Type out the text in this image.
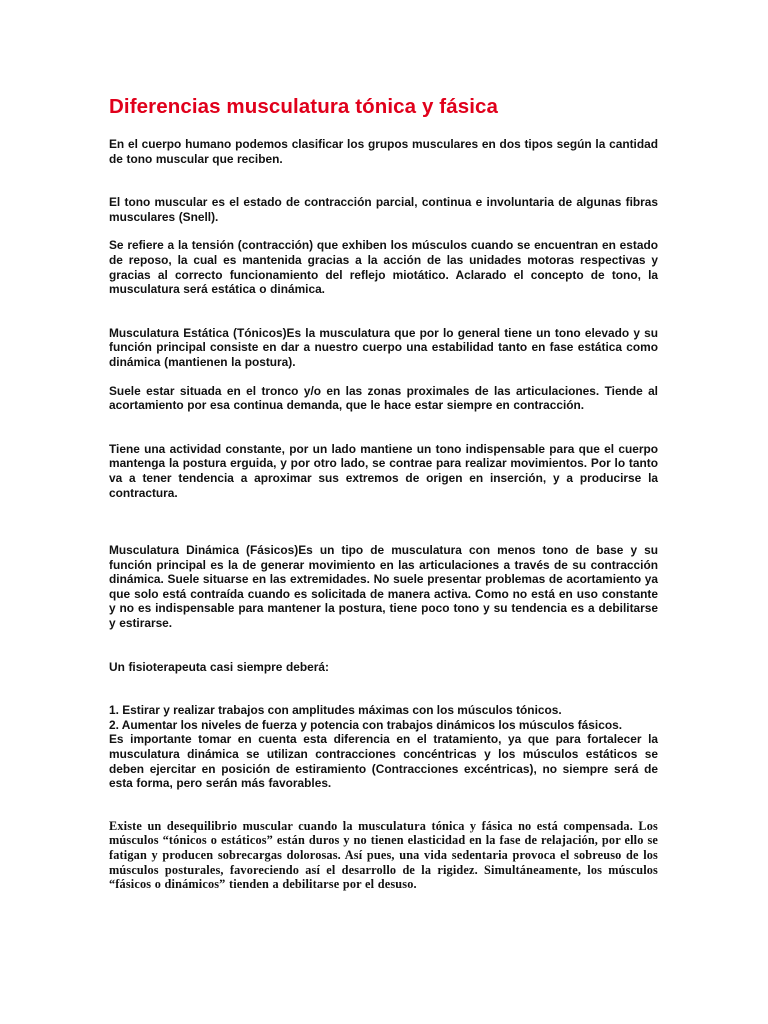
Diferencias musculatura tónica y fásica

En el cuerpo humano podemos clasificar los grupos musculares en dos tipos según la cantidad de tono muscular que reciben.

El tono muscular es el estado de contracción parcial, continua e involuntaria de algunas fibras musculares (Snell).

Se refiere a la tensión (contracción) que exhiben los músculos cuando se encuentran en estado de reposo, la cual es mantenida gracias a la acción de las unidades motoras respectivas y gracias al correcto funcionamiento del reflejo miotático. Aclarado el concepto de tono, la musculatura será estática o dinámica.

Musculatura Estática (Tónicos)Es la musculatura que por lo general tiene un tono elevado y su función principal consiste en dar a nuestro cuerpo una estabilidad tanto en fase estática como dinámica (mantienen la postura).

Suele estar situada en el tronco y/o en las zonas proximales de las articulaciones. Tiende al acortamiento por esa continua demanda, que le hace estar siempre en contracción.

Tiene una actividad constante, por un lado mantiene un tono indispensable para que el cuerpo mantenga la postura erguida, y por otro lado, se contrae para realizar movimientos. Por lo tanto va a tener tendencia a aproximar sus extremos de origen en inserción, y a producirse la contractura.

Musculatura Dinámica (Fásicos)Es un tipo de musculatura con menos tono de base y su función principal es la de generar movimiento en las articulaciones a través de su contracción dinámica. Suele situarse en las extremidades. No suele presentar problemas de acortamiento ya que solo está contraída cuando es solicitada de manera activa. Como no está en uso constante y no es indispensable para mantener la postura, tiene poco tono y su tendencia es a debilitarse y estirarse.

Un fisioterapeuta casi siempre deberá:

1. Estirar y realizar trabajos con amplitudes máximas con los músculos tónicos.

2. Aumentar los niveles de fuerza y potencia con trabajos dinámicos los músculos fásicos.

Es importante tomar en cuenta esta diferencia en el tratamiento, ya que para fortalecer la musculatura dinámica se utilizan contracciones concéntricas y los músculos estáticos se deben ejercitar en posición de estiramiento (Contracciones excéntricas), no siempre será de esta forma, pero serán más favorables.

Existe un desequilibrio muscular cuando la musculatura tónica y fásica no está compensada. Los músculos “tónicos o estáticos” están duros y no tienen elasticidad en la fase de relajación, por ello se fatigan y producen sobrecargas dolorosas. Así pues, una vida sedentaria provoca el sobreuso de los músculos posturales, favoreciendo así el desarrollo de la rigidez. Simultáneamente, los músculos “fásicos o dinámicos” tienden a debilitarse por el desuso.
